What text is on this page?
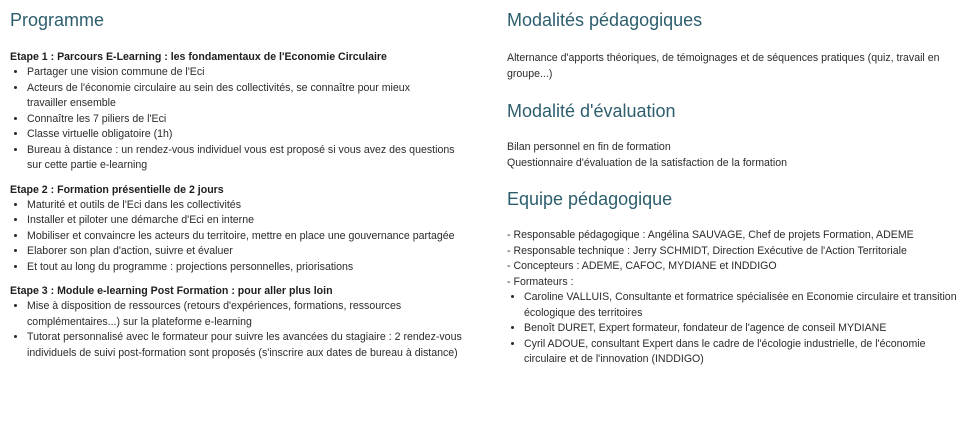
Programme
Etape 1 : Parcours E-Learning : les fondamentaux de l'Economie Circulaire
• Partager une vision commune de l'Eci
• Acteurs de l'économie circulaire au sein des collectivités, se connaître pour mieux travailler ensemble
• Connaître les 7 piliers de l'Eci
• Classe virtuelle obligatoire (1h)
• Bureau à distance : un rendez-vous individuel vous est proposé si vous avez des questions sur cette partie e-learning
Etape 2 : Formation présentielle de 2 jours
• Maturité et outils de l'Eci dans les collectivités
• Installer et piloter une démarche d'Eci en interne
• Mobiliser et convaincre les acteurs du territoire, mettre en place une gouvernance partagée
• Elaborer son plan d'action, suivre et évaluer
• Et tout au long du programme : projections personnelles, priorisations
Etape 3 : Module e-learning Post Formation : pour aller plus loin
• Mise à disposition de ressources (retours d'expériences, formations, ressources complémentaires...) sur la plateforme e-learning
• Tutorat personnalisé avec le formateur pour suivre les avancées du stagiaire : 2 rendez-vous individuels de suivi post-formation sont proposés (s'inscrire aux dates de bureau à distance)
Modalités pédagogiques

Alternance d'apports théoriques, de témoignages et de séquences pratiques (quiz, travail en groupe...)

Modalité d'évaluation

Bilan personnel en fin de formation

Questionnaire d'évaluation de la satisfaction de la formation

Equipe pédagogique

- Responsable pédagogique : Angélina SAUVAGE, Chef de projets Formation, ADEME

- Responsable technique : Jerry SCHMIDT, Direction Exécutive de l'Action Territoriale

- Concepteurs : ADEME, CAFOC, MYDIANE et INDDIGO

- Formateurs :

• Caroline VALLUIS, Consultante et formatrice spécialisée en Economie circulaire et transition écologique des territoires
• Benoît DURET, Expert formateur, fondateur de l'agence de conseil MYDIANE
• Cyril ADOUE, consultant Expert dans le cadre de l'écologie industrielle, de l'économie circulaire et de l'innovation (INDDIGO)
